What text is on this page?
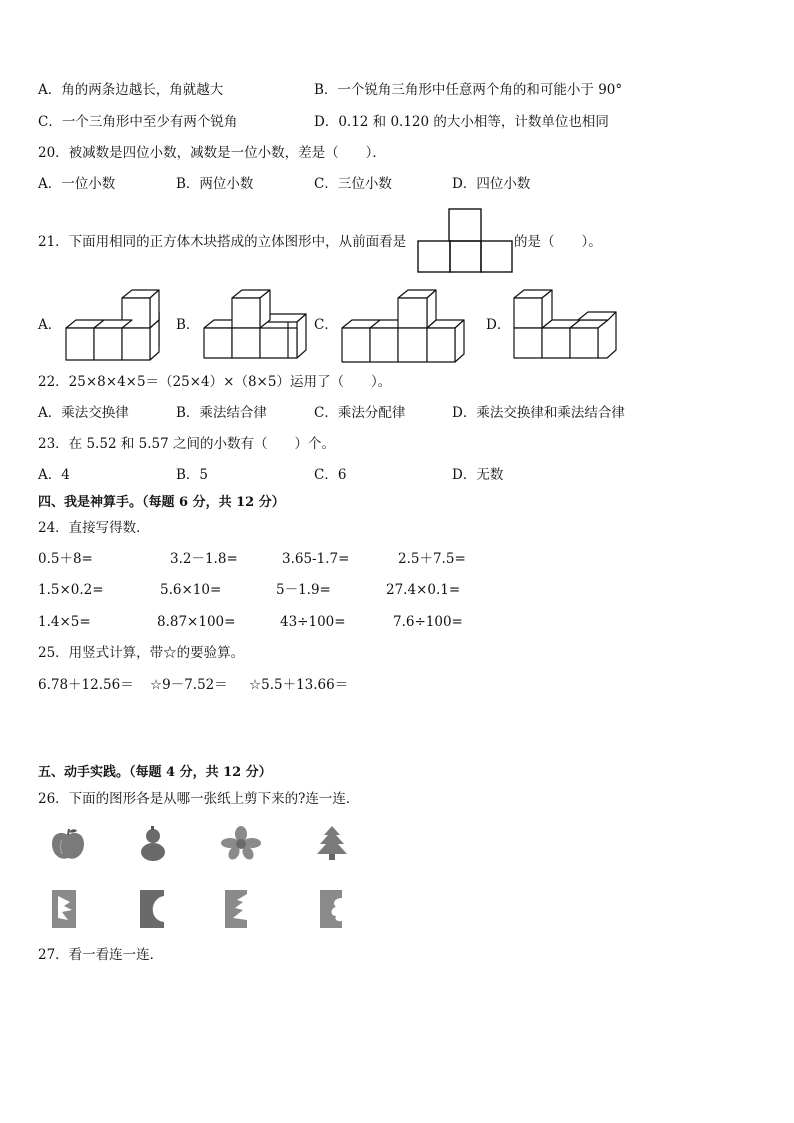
A．角的两条边越长，角就越大	B．一个锐角三角形中任意两个角的和可能小于 90°
C．一个三角形中至少有两个锐角	D．0.12 和 0.120 的大小相等，计数单位也相同
20．被减数是四位小数，减数是一位小数，差是（　　）．
A．一位小数	B．两位小数	C．三位小数	D．四位小数
21．下面用相同的正方体木块搭成的立体图形中，从前面看是	的是（　　）。
A．	B．	C．	D．
22．25×8×4×5＝（25×4）×（8×5）运用了（　　）。
A．乘法交换律	B．乘法结合律	C．乘法分配律	D．乘法交换律和乘法结合律
23．在 5.52 和 5.57 之间的小数有（　　）个。
A．4	B．5	C．6	D．无数
四、我是神算手。（每题 6 分，共 12 分）
24．直接写得数．
0.5＋8=	3.2－1.8=	3.65-1.7=	2.5＋7.5=
1.5×0.2=	5.6×10=	5－1.9=	27.4×0.1=
1.4×5=	8.87×100=	43÷100=	7.6÷100=
25．用竖式计算，带☆的要验算。
6.78＋12.56＝ ☆9－7.52＝ ☆5.5＋13.66＝
五、动手实践。（每题 4 分，共 12 分）
26．下面的图形各是从哪一张纸上剪下来的?连一连．
27．看一看连一连．
